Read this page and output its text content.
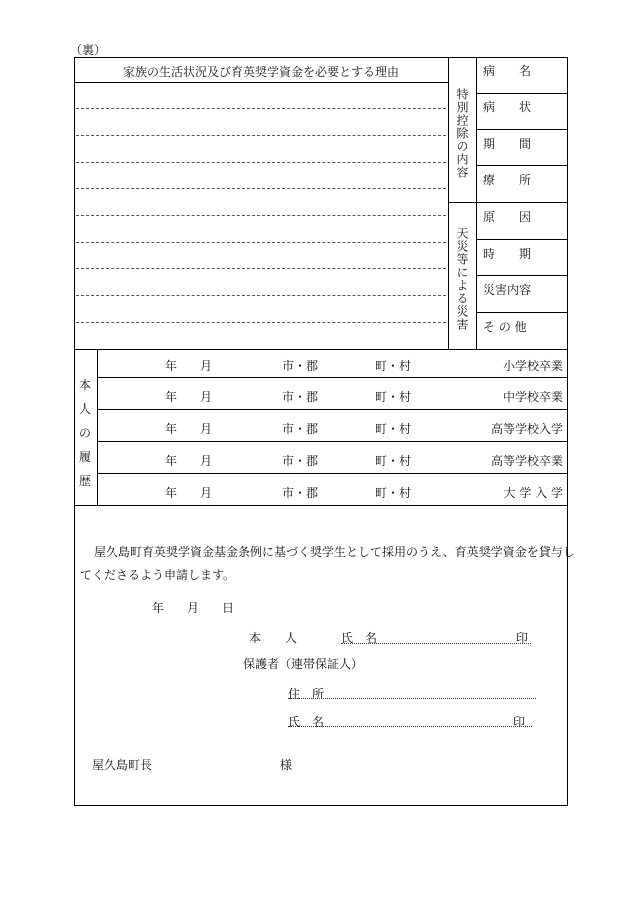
（裏）
家族の生活状況及び育英奨学資金を必要とする理由
特別控除の内容
病　　名
病　　状
期　　間
療　　所
天災等による災害
原　　因
時　　期
災害内容
そ の 他
本
人
の
履
歴
年 月	市・郡	町・村	小学校卒業
年 月	市・郡	町・村	中学校卒業
年 月	市・郡	町・村	高等学校入学
年 月	市・郡	町・村	高等学校卒業
年 月	市・郡	町・村	大 学 入 学
屋久島町育英奨学資金基金条例に基づく奨学生として採用のうえ、育英奨学資金を貸与し
てくださるよう申請します。
年 月 日
本　　人	氏　名	印
保護者（連帯保証人）
住　所
氏　名	印
屋久島町長	様
